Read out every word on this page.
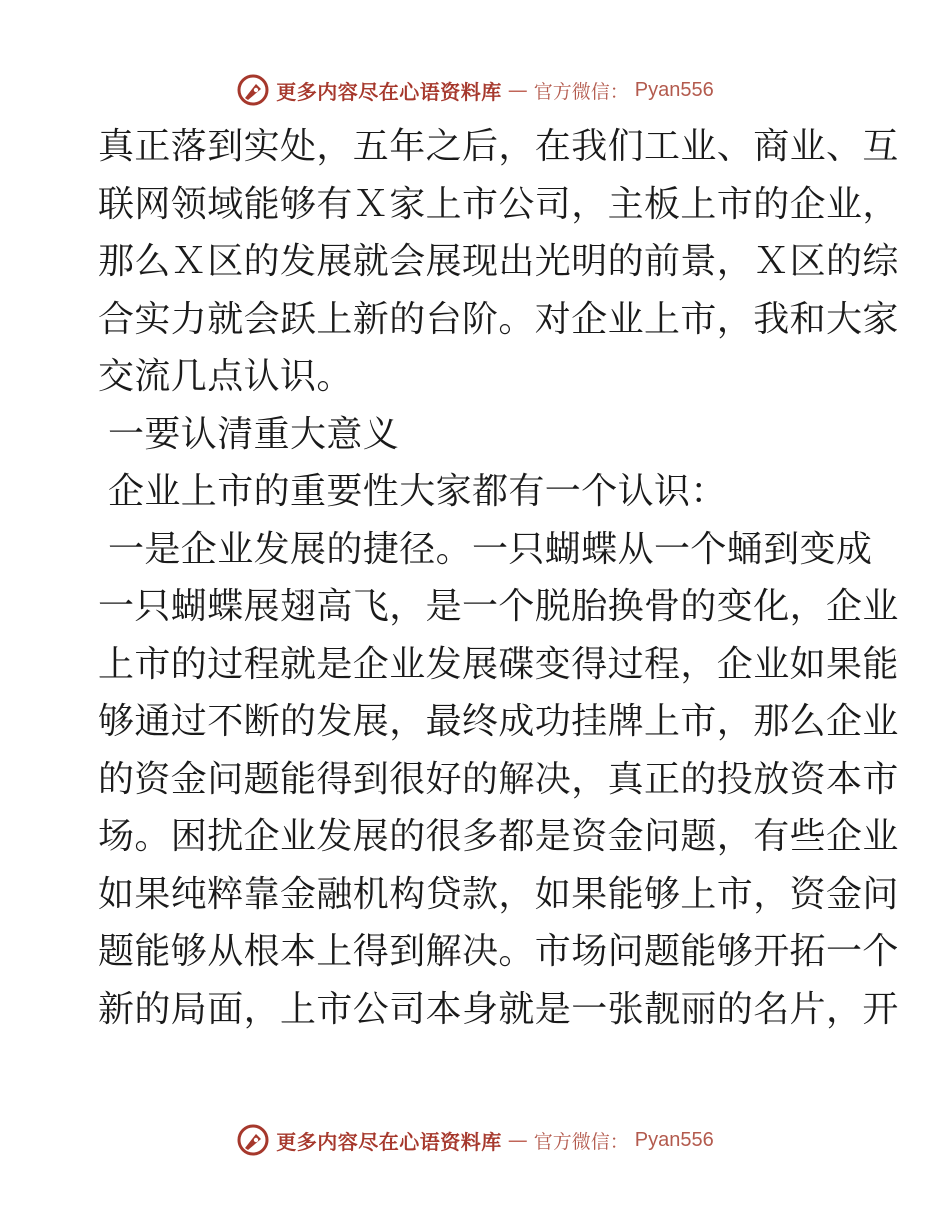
更多内容尽在心语资料库 — 官方微信： Pyan556
真正落到实处，五年之后，在我们工业、商业、互
联网领域能够有Ｘ家上市公司，主板上市的企业，
那么Ｘ区的发展就会展现出光明的前景，Ｘ区的综
合实力就会跃上新的台阶。对企业上市，我和大家
交流几点认识。
一要认清重大意义
企业上市的重要性大家都有一个认识：
一是企业发展的捷径。一只蝴蝶从一个蛹到变成
一只蝴蝶展翅高飞，是一个脱胎换骨的变化，企业
上市的过程就是企业发展碟变得过程，企业如果能
够通过不断的发展，最终成功挂牌上市，那么企业
的资金问题能得到很好的解决，真正的投放资本市
场。困扰企业发展的很多都是资金问题，有些企业
如果纯粹靠金融机构贷款，如果能够上市，资金问
题能够从根本上得到解决。市场问题能够开拓一个
新的局面，上市公司本身就是一张靓丽的名片，开
更多内容尽在心语资料库 — 官方微信： Pyan556
